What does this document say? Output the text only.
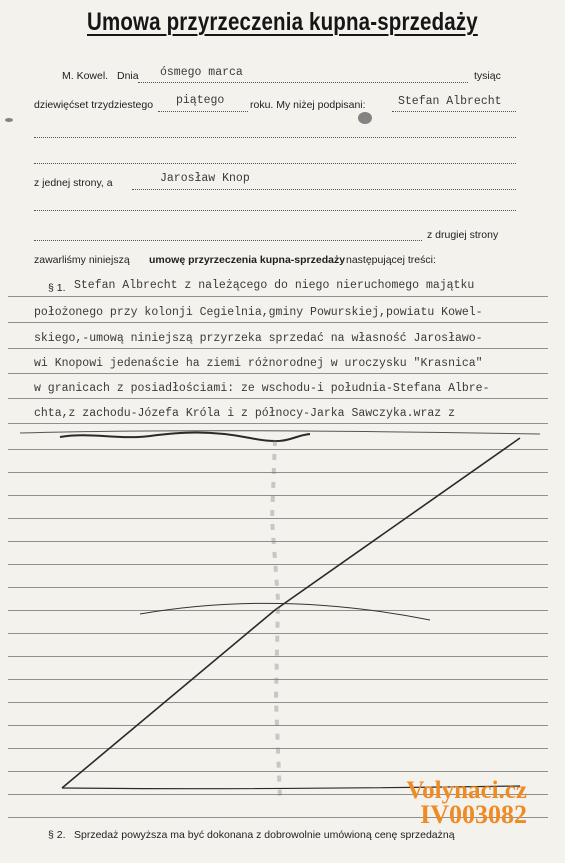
Umowa przyrzeczenia kupna-sprzedaży
M. Kowel. Dnia ósmego marca	tysiąc
dziewięćset trzydziestego piątego roku. My niżej podpisani:	Stefan Albrecht
z jednej strony, a	Jarosław Knop
z drugiej strony
zawarliśmy niniejszą umowę przyrzeczenia kupna-sprzedaży następującej treści:
§ 1. Stefan Albrecht z należącego do niego nieruchomego majątku
położonego przy kolonji Cegielnia,gminy Powurskiej,powiatu Kowel-
skiego,-umową niniejszą przyrzeka sprzedać na własność Jarosławo-
wi Knopowi jedenaście ha ziemi różnorodnej w uroczysku "Krasnica"
w granicach z posiadłościami: ze wschodu-i południa-Stefana Albre-
chta,z zachodu-Józefa Króla i z północy-Jarka Sawczyka.wraz z
Volynaci.cz
IV003082
§ 2. Sprzedaż powyższa ma być dokonana z dobrowolnie umówioną cenę sprzedażną
